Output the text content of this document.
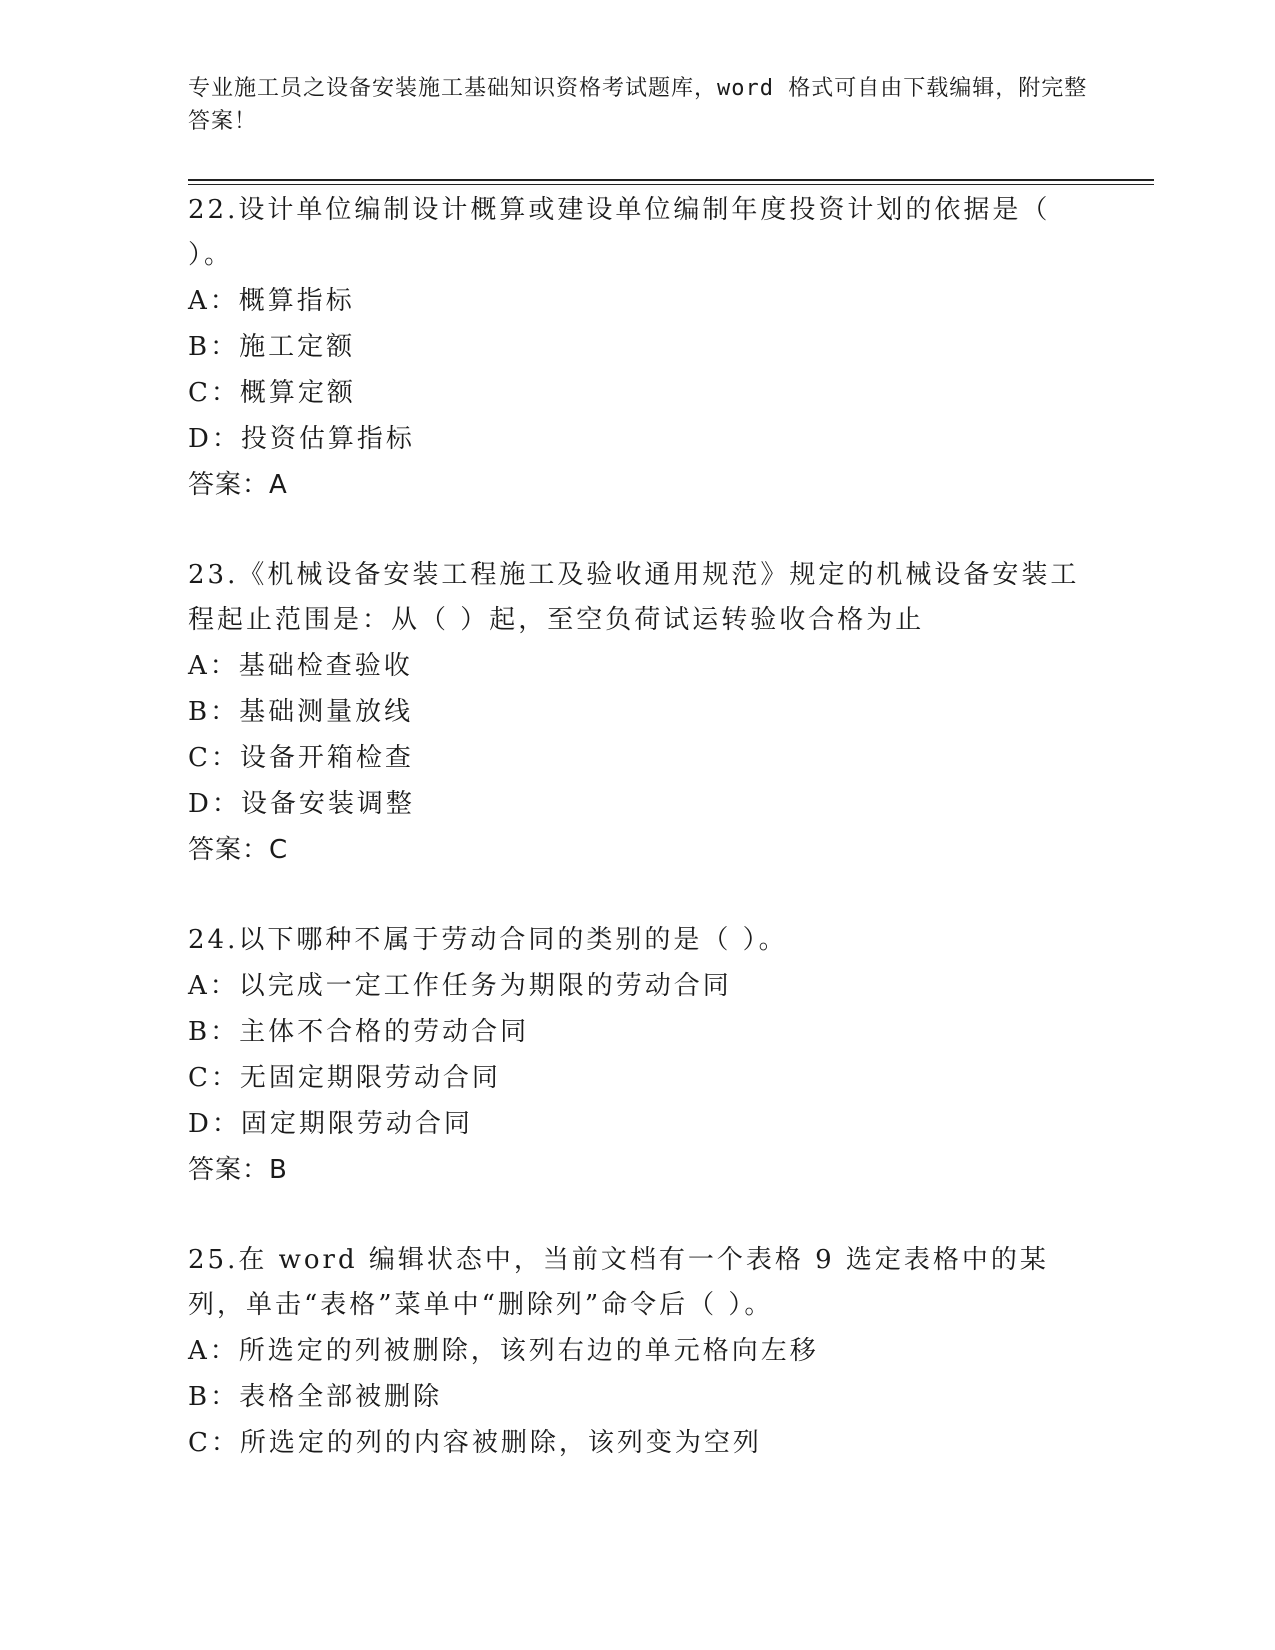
专业施工员之设备安装施工基础知识资格考试题库，word 格式可自由下载编辑，附完整答案！
22.设计单位编制设计概算或建设单位编制年度投资计划的依据是（ ）。
A：概算指标
B：施工定额
C：概算定额
D：投资估算指标
答案：A
23.《机械设备安装工程施工及验收通用规范》规定的机械设备安装工程起止范围是：从（ ）起，至空负荷试运转验收合格为止
A：基础检查验收
B：基础测量放线
C：设备开箱检查
D：设备安装调整
答案：C
24.以下哪种不属于劳动合同的类别的是（ ）。
A：以完成一定工作任务为期限的劳动合同
B：主体不合格的劳动合同
C：无固定期限劳动合同
D：固定期限劳动合同
答案：B
25.在 word 编辑状态中，当前文档有一个表格 9 选定表格中的某列，单击“表格”菜单中“删除列”命令后（ ）。
A：所选定的列被删除，该列右边的单元格向左移
B：表格全部被删除
C：所选定的列的内容被删除，该列变为空列
